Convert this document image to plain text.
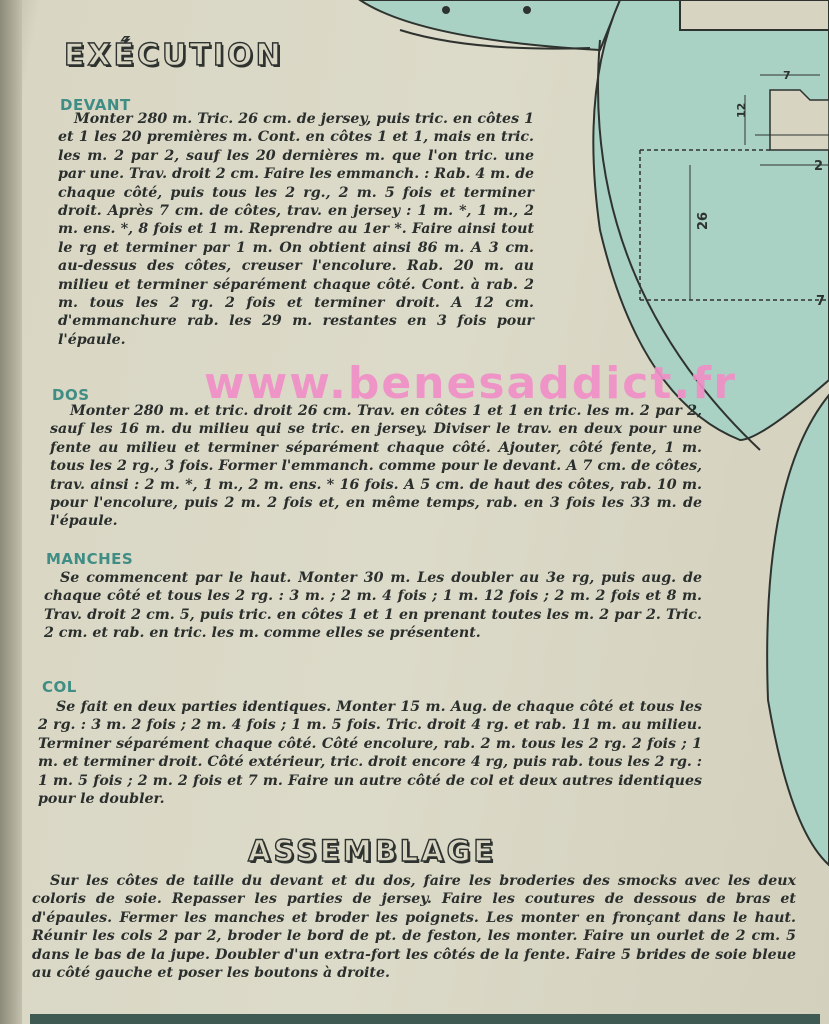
7
12
26
2
7
EXÉCUTION
DEVANT
Monter 280 m. Tric. 26 cm. de jersey, puis tric. en côtes 1 et 1 les 20 premières m. Cont. en côtes 1 et 1, mais en tric. les m. 2 par 2, sauf les 20 dernières m. que l'on tric. une par une. Trav. droit 2 cm. Faire les emmanch. : Rab. 4 m. de chaque côté, puis tous les 2 rg., 2 m. 5 fois et terminer droit. Après 7 cm. de côtes, trav. en jersey : 1 m. *, 1 m., 2 m. ens. *, 8 fois et 1 m. Reprendre au 1er *. Faire ainsi tout le rg et terminer par 1 m. On obtient ainsi 86 m. A 3 cm. au-dessus des côtes, creuser l'encolure. Rab. 20 m. au milieu et terminer séparément chaque côté. Cont. à rab. 2 m. tous les 2 rg. 2 fois et terminer droit. A 12 cm. d'emmanchure rab. les 29 m. restantes en 3 fois pour l'épaule.
DOS
Monter 280 m. et tric. droit 26 cm. Trav. en côtes 1 et 1 en tric. les m. 2 par 2, sauf les 16 m. du milieu qui se tric. en jersey. Diviser le trav. en deux pour une fente au milieu et terminer séparément chaque côté. Ajouter, côté fente, 1 m. tous les 2 rg., 3 fois. Former l'emmanch. comme pour le devant. A 7 cm. de côtes, trav. ainsi : 2 m. *, 1 m., 2 m. ens. * 16 fois. A 5 cm. de haut des côtes, rab. 10 m. pour l'encolure, puis 2 m. 2 fois et, en même temps, rab. en 3 fois les 33 m. de l'épaule.
MANCHES
Se commencent par le haut. Monter 30 m. Les doubler au 3e rg, puis aug. de chaque côté et tous les 2 rg. : 3 m. ; 2 m. 4 fois ; 1 m. 12 fois ; 2 m. 2 fois et 8 m. Trav. droit 2 cm. 5, puis tric. en côtes 1 et 1 en prenant toutes les m. 2 par 2. Tric. 2 cm. et rab. en tric. les m. comme elles se présentent.
COL
Se fait en deux parties identiques. Monter 15 m. Aug. de chaque côté et tous les 2 rg. : 3 m. 2 fois ; 2 m. 4 fois ; 1 m. 5 fois. Tric. droit 4 rg. et rab. 11 m. au milieu. Terminer séparément chaque côté. Côté encolure, rab. 2 m. tous les 2 rg. 2 fois ; 1 m. et terminer droit. Côté extérieur, tric. droit encore 4 rg, puis rab. tous les 2 rg. : 1 m. 5 fois ; 2 m. 2 fois et 7 m. Faire un autre côté de col et deux autres identiques pour le doubler.
ASSEMBLAGE
Sur les côtes de taille du devant et du dos, faire les broderies des smocks avec les deux coloris de soie. Repasser les parties de jersey. Faire les coutures de dessous de bras et d'épaules. Fermer les manches et broder les poignets. Les monter en fronçant dans le haut. Réunir les cols 2 par 2, broder le bord de pt. de feston, les monter. Faire un ourlet de 2 cm. 5 dans le bas de la jupe. Doubler d'un extra-fort les côtés de la fente. Faire 5 brides de soie bleue au côté gauche et poser les boutons à droite.
www.benesaddict.fr
